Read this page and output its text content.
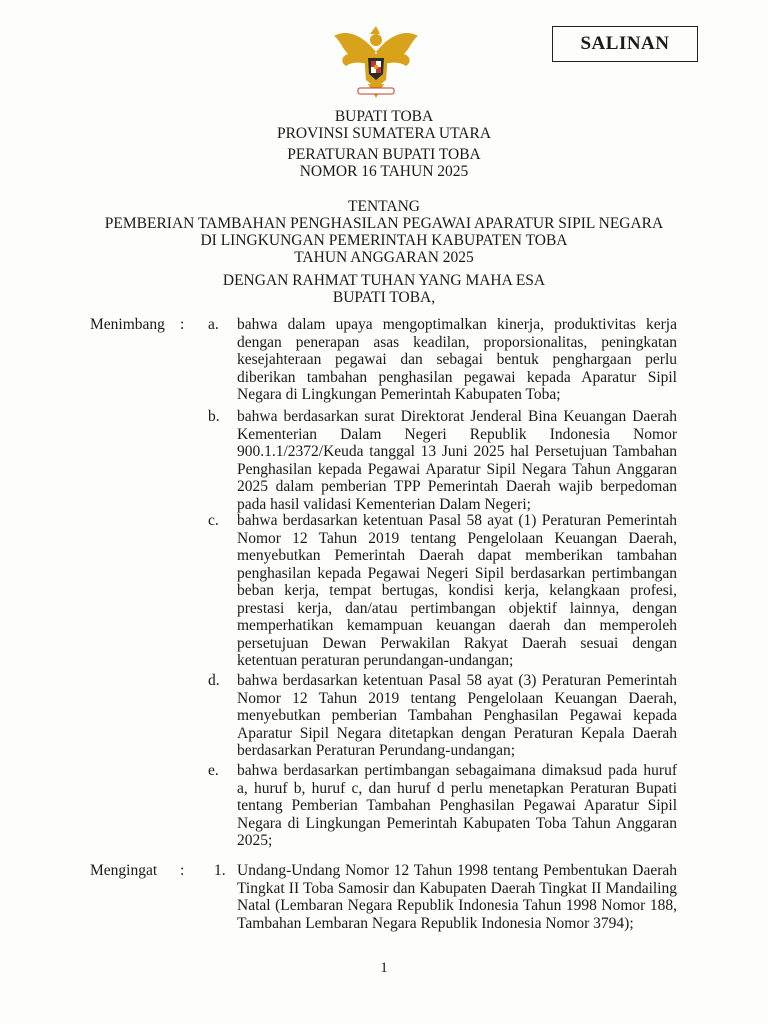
SALINAN
BUPATI TOBA
PROVINSI SUMATERA UTARA
PERATURAN BUPATI TOBA
NOMOR 16 TAHUN 2025
TENTANG
PEMBERIAN TAMBAHAN PENGHASILAN PEGAWAI APARATUR SIPIL NEGARA
DI LINGKUNGAN PEMERINTAH KABUPATEN TOBA
TAHUN ANGGARAN 2025
DENGAN RAHMAT TUHAN YANG MAHA ESA
BUPATI TOBA,
Menimbang : a. bahwa dalam upaya mengoptimalkan kinerja, produktivitas kerja dengan penerapan asas keadilan, proporsionalitas, peningkatan kesejahteraan pegawai dan sebagai bentuk penghargaan perlu diberikan tambahan penghasilan pegawai kepada Aparatur Sipil Negara di Lingkungan Pemerintah Kabupaten Toba;
b. bahwa berdasarkan surat Direktorat Jenderal Bina Keuangan Daerah Kementerian Dalam Negeri Republik Indonesia Nomor 900.1.1/2372/Keuda tanggal 13 Juni 2025 hal Persetujuan Tambahan Penghasilan kepada Pegawai Aparatur Sipil Negara Tahun Anggaran 2025 dalam pemberian TPP Pemerintah Daerah wajib berpedoman pada hasil validasi Kementerian Dalam Negeri;
c. bahwa berdasarkan ketentuan Pasal 58 ayat (1) Peraturan Pemerintah Nomor 12 Tahun 2019 tentang Pengelolaan Keuangan Daerah, menyebutkan Pemerintah Daerah dapat memberikan tambahan penghasilan kepada Pegawai Negeri Sipil berdasarkan pertimbangan beban kerja, tempat bertugas, kondisi kerja, kelangkaan profesi, prestasi kerja, dan/atau pertimbangan objektif lainnya, dengan memperhatikan kemampuan keuangan daerah dan memperoleh persetujuan Dewan Perwakilan Rakyat Daerah sesuai dengan ketentuan peraturan perundangan-undangan;
d. bahwa berdasarkan ketentuan Pasal 58 ayat (3) Peraturan Pemerintah Nomor 12 Tahun 2019 tentang Pengelolaan Keuangan Daerah, menyebutkan pemberian Tambahan Penghasilan Pegawai kepada Aparatur Sipil Negara ditetapkan dengan Peraturan Kepala Daerah berdasarkan Peraturan Perundang-undangan;
e. bahwa berdasarkan pertimbangan sebagaimana dimaksud pada huruf a, huruf b, huruf c, dan huruf d perlu menetapkan Peraturan Bupati tentang Pemberian Tambahan Penghasilan Pegawai Aparatur Sipil Negara di Lingkungan Pemerintah Kabupaten Toba Tahun Anggaran 2025;
Mengingat : 1. Undang-Undang Nomor 12 Tahun 1998 tentang Pembentukan Daerah Tingkat II Toba Samosir dan Kabupaten Daerah Tingkat II Mandailing Natal (Lembaran Negara Republik Indonesia Tahun 1998 Nomor 188, Tambahan Lembaran Negara Republik Indonesia Nomor 3794);
1
